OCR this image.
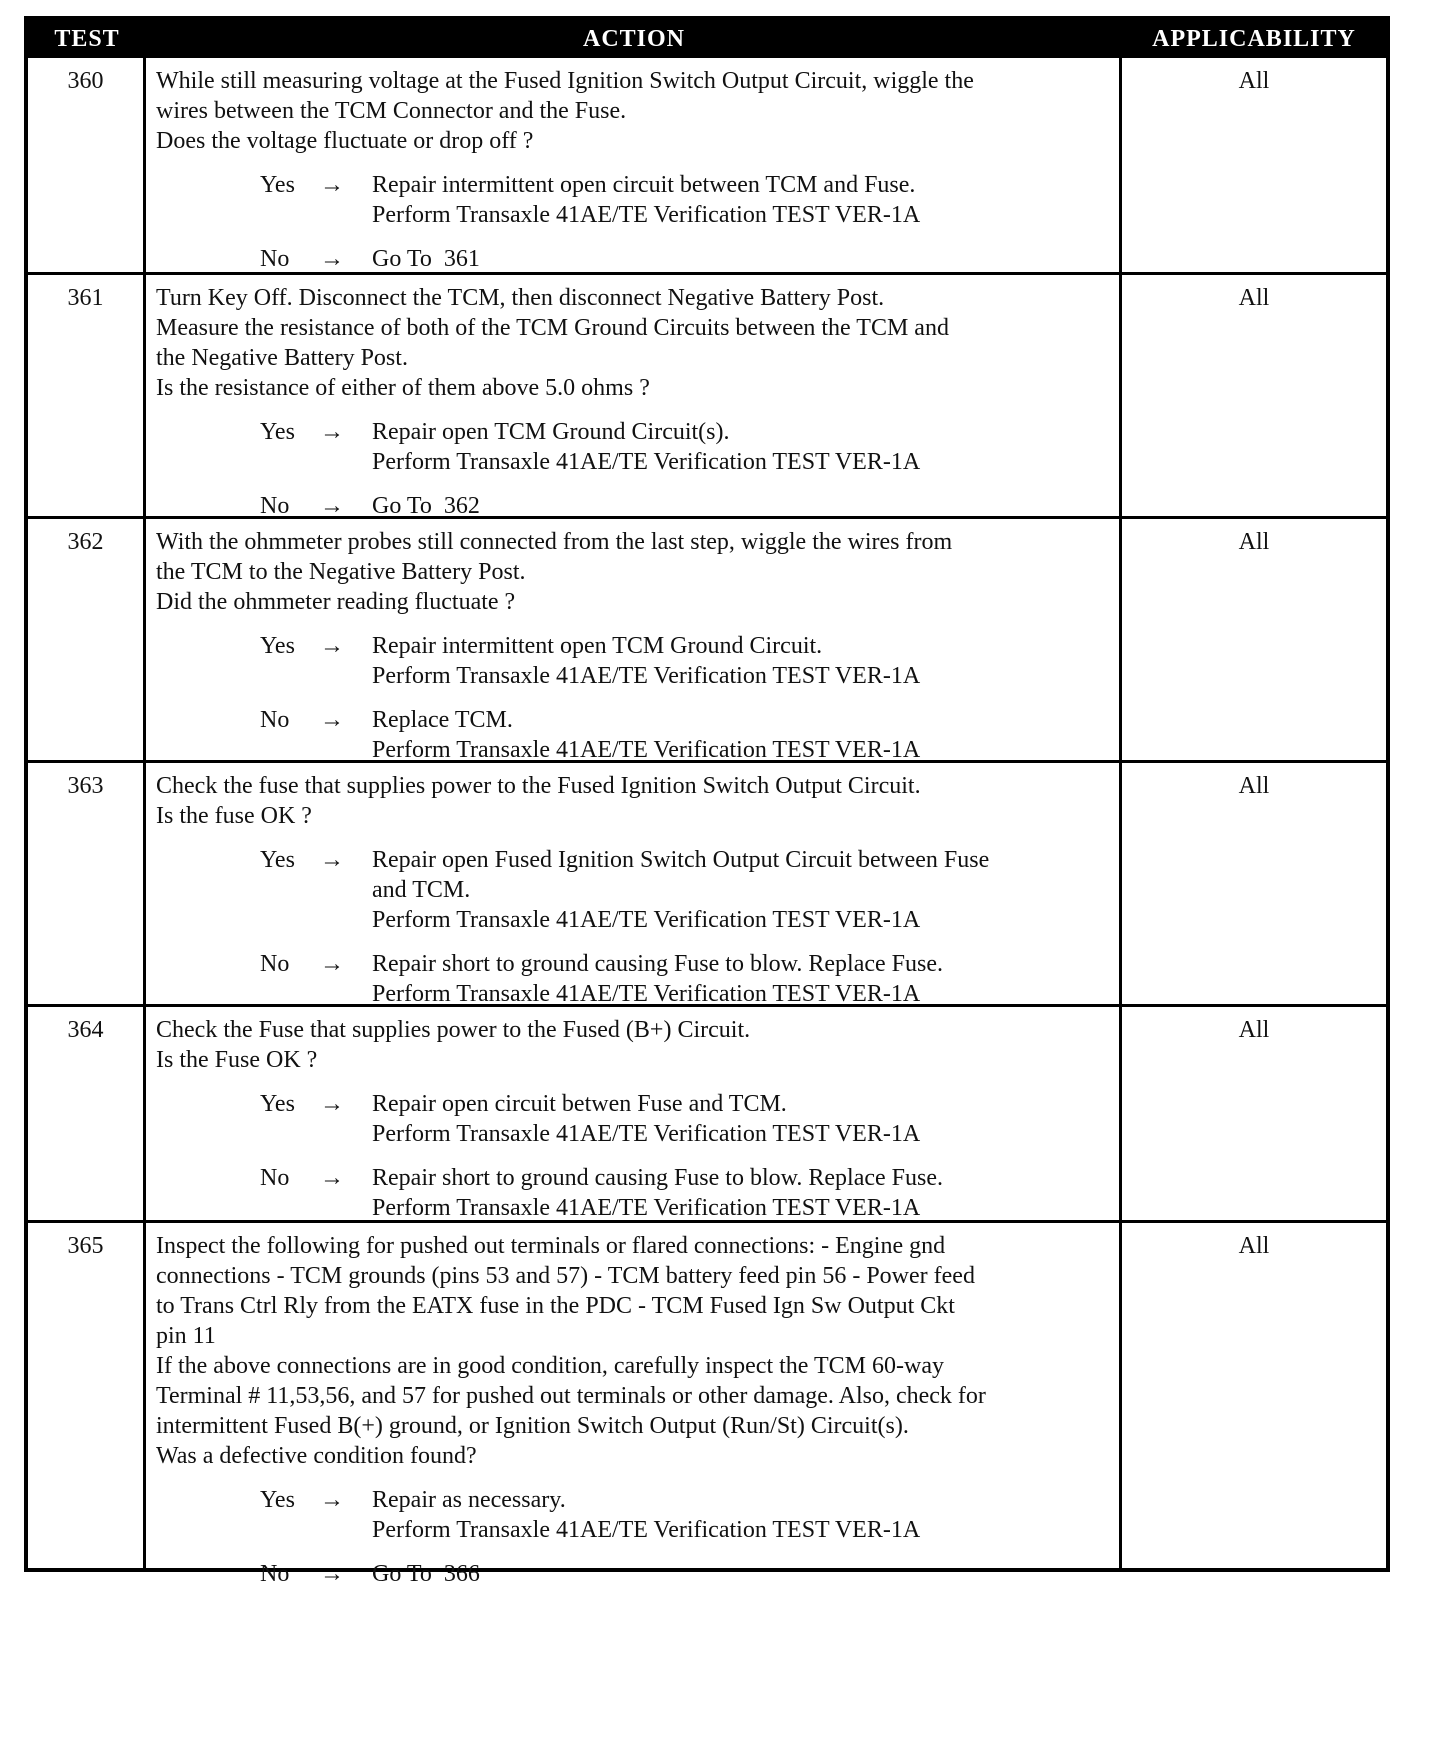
TEST	ACTION	APPLICABILITY
360	While still measuring voltage at the Fused Ignition Switch Output Circuit, wiggle the
wires between the TCM Connector and the Fuse.
Does the voltage fluctuate or drop off ?
Yes	→	Repair intermittent open circuit between TCM and Fuse.
Perform Transaxle 41AE/TE Verification TEST VER-1A
No	→	Go To  361
All
361	Turn Key Off. Disconnect the TCM, then disconnect Negative Battery Post.
Measure the resistance of both of the TCM Ground Circuits between the TCM and
the Negative Battery Post.
Is the resistance of either of them above 5.0 ohms ?
Yes	→	Repair open TCM Ground Circuit(s).
Perform Transaxle 41AE/TE Verification TEST VER-1A
No	→	Go To  362
All
362	With the ohmmeter probes still connected from the last step, wiggle the wires from
the TCM to the Negative Battery Post.
Did the ohmmeter reading fluctuate ?
Yes	→	Repair intermittent open TCM Ground Circuit.
Perform Transaxle 41AE/TE Verification TEST VER-1A
No	→	Replace TCM.
Perform Transaxle 41AE/TE Verification TEST VER-1A
All
363	Check the fuse that supplies power to the Fused Ignition Switch Output Circuit.
Is the fuse OK ?
Yes	→	Repair open Fused Ignition Switch Output Circuit between Fuse
and TCM.
Perform Transaxle 41AE/TE Verification TEST VER-1A
No	→	Repair short to ground causing Fuse to blow. Replace Fuse.
Perform Transaxle 41AE/TE Verification TEST VER-1A
All
364	Check the Fuse that supplies power to the Fused (B+) Circuit.
Is the Fuse OK ?
Yes	→	Repair open circuit betwen Fuse and TCM.
Perform Transaxle 41AE/TE Verification TEST VER-1A
No	→	Repair short to ground causing Fuse to blow. Replace Fuse.
Perform Transaxle 41AE/TE Verification TEST VER-1A
All
365	Inspect the following for pushed out terminals or flared connections: - Engine gnd
connections - TCM grounds (pins 53 and 57) - TCM battery feed pin 56 - Power feed
to Trans Ctrl Rly from the EATX fuse in the PDC - TCM Fused Ign Sw Output Ckt
pin 11
If the above connections are in good condition, carefully inspect the TCM 60-way
Terminal # 11,53,56, and 57 for pushed out terminals or other damage. Also, check for
intermittent Fused B(+) ground, or Ignition Switch Output (Run/St) Circuit(s).
Was a defective condition found?
Yes	→	Repair as necessary.
Perform Transaxle 41AE/TE Verification TEST VER-1A
No	→	Go To  366
All
